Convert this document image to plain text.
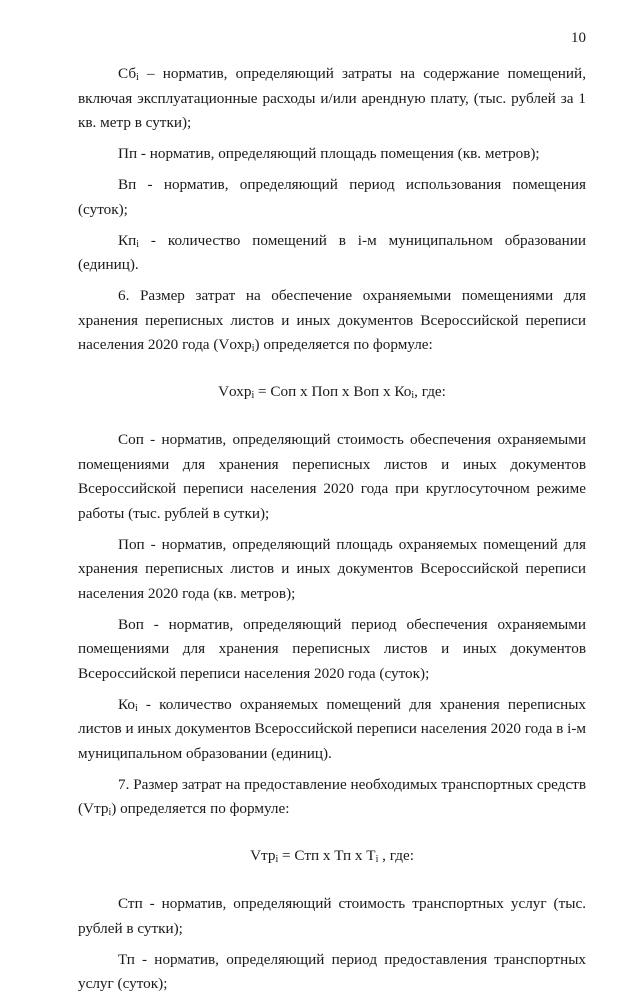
10

$Сб_i$ – норматив, определяющий затраты на содержание помещений, включая эксплуатационные расходы и/или арендную плату, (тыс. рублей за 1 кв. метр в сутки);

Пп - норматив, определяющий площадь помещения (кв. метров);

Вп - норматив, определяющий период использования помещения (суток);

$Кп_i$ - количество помещений в i-м муниципальном образовании (единиц).

6. Размер затрат на обеспечение охраняемыми помещениями для хранения переписных листов и иных документов Всероссийской переписи населения 2020 года (Vохр$_i$) определяется по формуле:

Vохр$_i$ = Соп х Поп х Воп х $Ко_i$, где:

Соп - норматив, определяющий стоимость обеспечения охраняемыми помещениями для хранения переписных листов и иных документов Всероссийской переписи населения 2020 года при круглосуточном режиме работы (тыс. рублей в сутки);

Поп - норматив, определяющий площадь охраняемых помещений для хранения переписных листов и иных документов Всероссийской переписи населения 2020 года (кв. метров);

Воп - норматив, определяющий период обеспечения охраняемыми помещениями для хранения переписных листов и иных документов Всероссийской переписи населения 2020 года (суток);

$Ко_i$ - количество охраняемых помещений для хранения переписных листов и иных документов Всероссийской переписи населения 2020 года в i-м муниципальном образовании (единиц).

7. Размер затрат на предоставление необходимых транспортных средств (Vтр$_i$) определяется по формуле:

Vтр$_i$ = Стп х Тп х $Т_i$ , где:

Стп - норматив, определяющий стоимость транспортных услуг (тыс. рублей в сутки);

Тп - норматив, определяющий период предоставления транспортных услуг (суток);
